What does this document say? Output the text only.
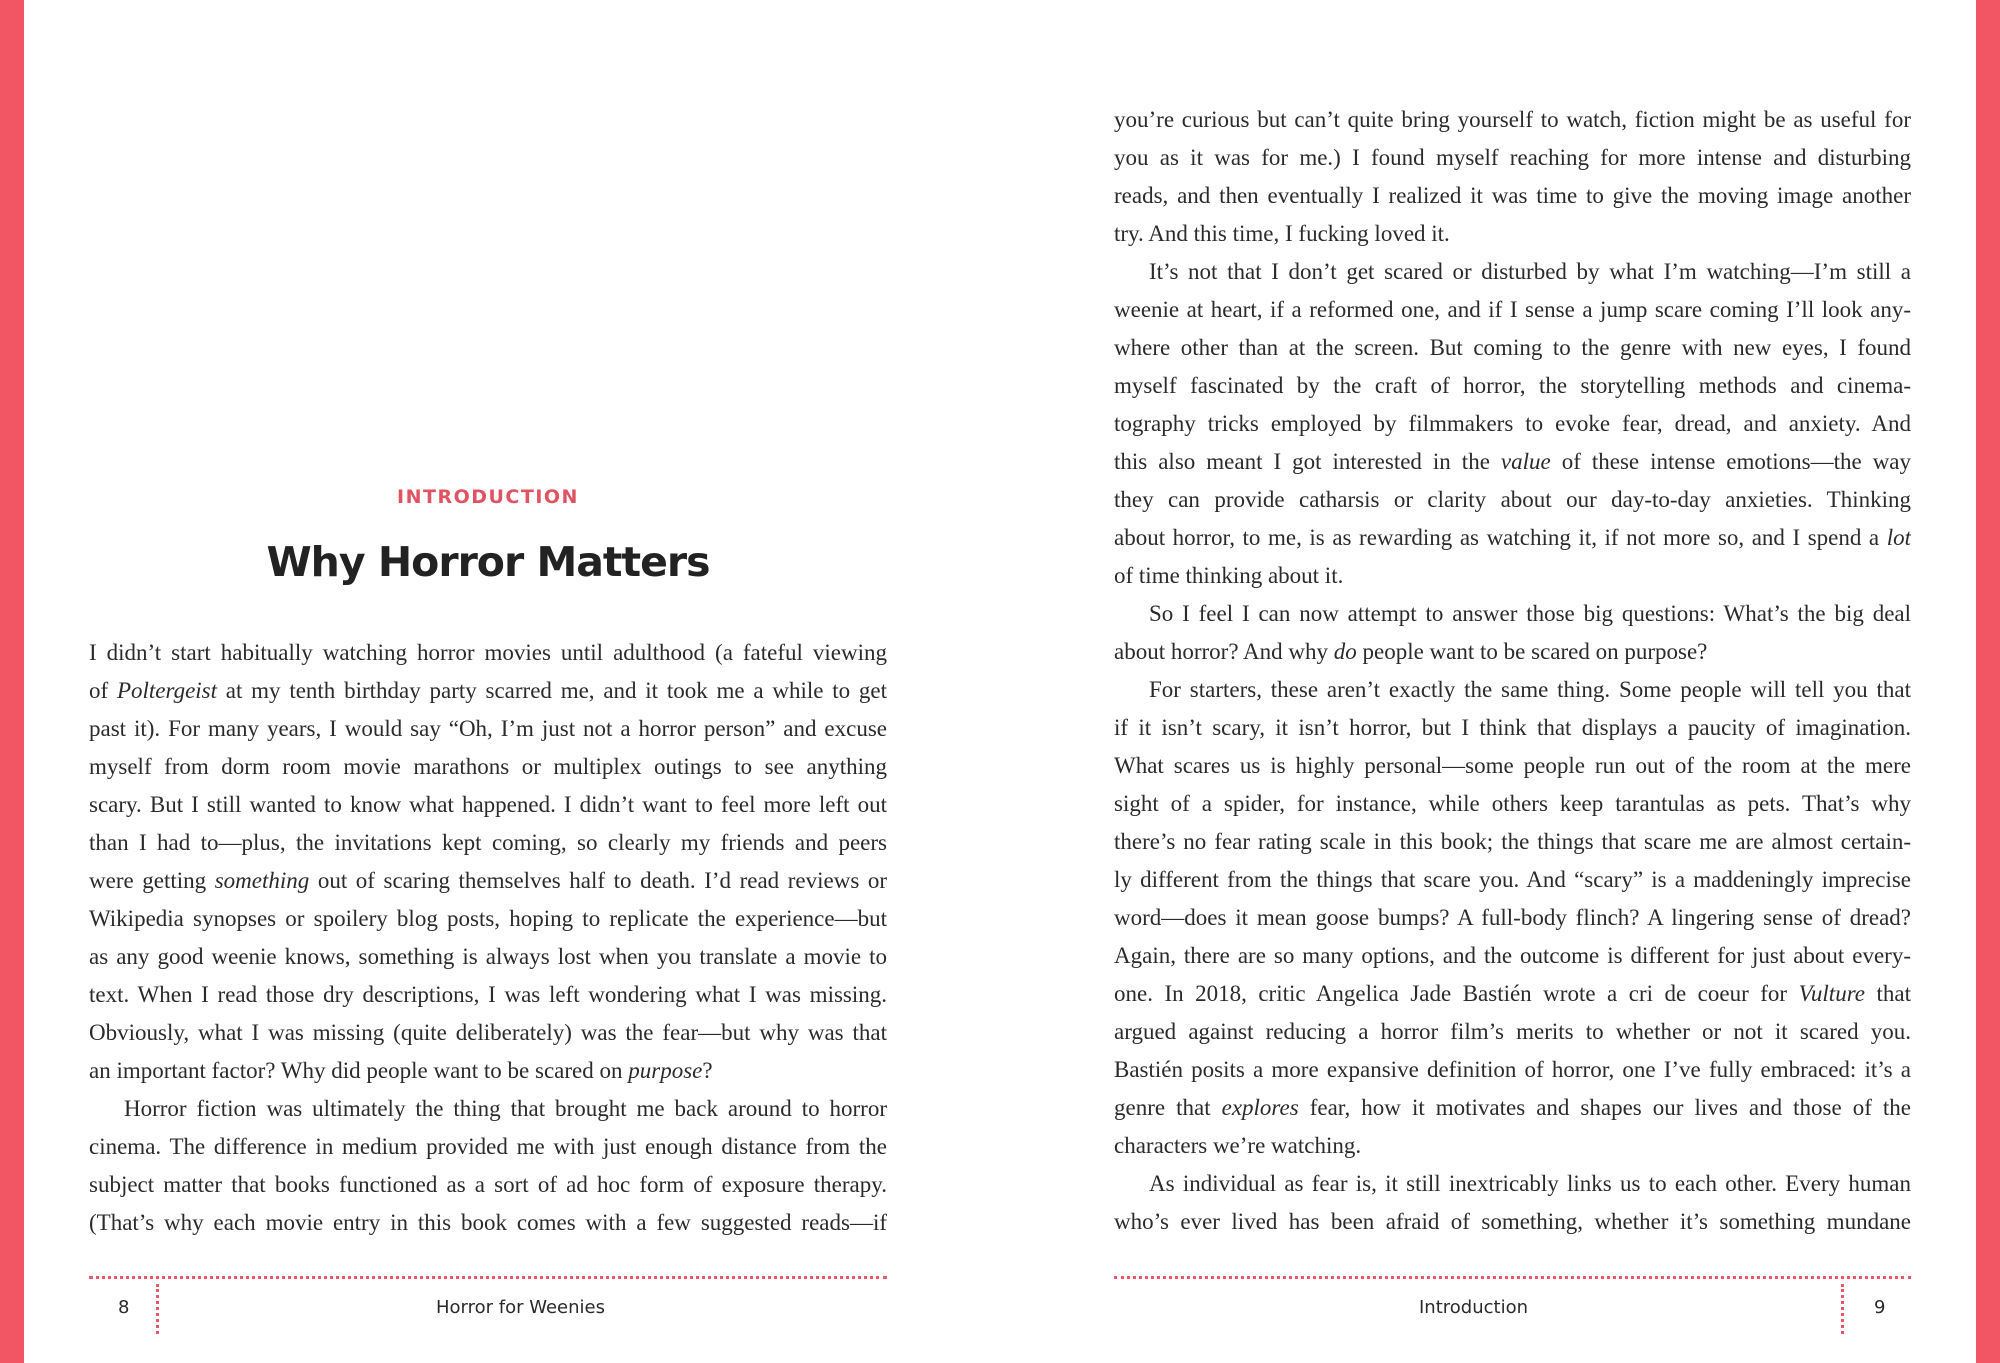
INTRODUCTION
Why Horror Matters
I didn’t start habitually watching horror movies until adulthood (a fateful viewing
of Poltergeist at my tenth birthday party scarred me, and it took me a while to get
past it). For many years, I would say “Oh, I’m just not a horror person” and excuse
myself from dorm room movie marathons or multiplex outings to see anything
scary. But I still wanted to know what happened. I didn’t want to feel more left out
than I had to—plus, the invitations kept coming, so clearly my friends and peers
were getting something out of scaring themselves half to death. I’d read reviews or
Wikipedia synopses or spoilery blog posts, hoping to replicate the experience—but
as any good weenie knows, something is always lost when you translate a movie to
text. When I read those dry descriptions, I was left wondering what I was missing.
Obviously, what I was missing (quite deliberately) was the fear—but why was that
an important factor? Why did people want to be scared on purpose?
Horror fiction was ultimately the thing that brought me back around to horror
cinema. The difference in medium provided me with just enough distance from the
subject matter that books functioned as a sort of ad hoc form of exposure therapy.
(That’s why each movie entry in this book comes with a few suggested reads—if
8	Horror for Weenies
you’re curious but can’t quite bring yourself to watch, fiction might be as useful for
you as it was for me.) I found myself reaching for more intense and disturbing
reads, and then eventually I realized it was time to give the moving image another
try. And this time, I fucking loved it.
It’s not that I don’t get scared or disturbed by what I’m watching—I’m still a
weenie at heart, if a reformed one, and if I sense a jump scare coming I’ll look any-
where other than at the screen. But coming to the genre with new eyes, I found
myself fascinated by the craft of horror, the storytelling methods and cinema-
tography tricks employed by filmmakers to evoke fear, dread, and anxiety. And
this also meant I got interested in the value of these intense emotions—the way
they can provide catharsis or clarity about our day-to-day anxieties. Thinking
about horror, to me, is as rewarding as watching it, if not more so, and I spend a lot
of time thinking about it.
So I feel I can now attempt to answer those big questions: What’s the big deal
about horror? And why do people want to be scared on purpose?
For starters, these aren’t exactly the same thing. Some people will tell you that
if it isn’t scary, it isn’t horror, but I think that displays a paucity of imagination.
What scares us is highly personal—some people run out of the room at the mere
sight of a spider, for instance, while others keep tarantulas as pets. That’s why
there’s no fear rating scale in this book; the things that scare me are almost certain-
ly different from the things that scare you. And “scary” is a maddeningly imprecise
word—does it mean goose bumps? A full-body flinch? A lingering sense of dread?
Again, there are so many options, and the outcome is different for just about every-
one. In 2018, critic Angelica Jade Bastién wrote a cri de coeur for Vulture that
argued against reducing a horror film’s merits to whether or not it scared you.
Bastién posits a more expansive definition of horror, one I’ve fully embraced: it’s a
genre that explores fear, how it motivates and shapes our lives and those of the
characters we’re watching.
As individual as fear is, it still inextricably links us to each other. Every human
who’s ever lived has been afraid of something, whether it’s something mundane
Introduction	9
